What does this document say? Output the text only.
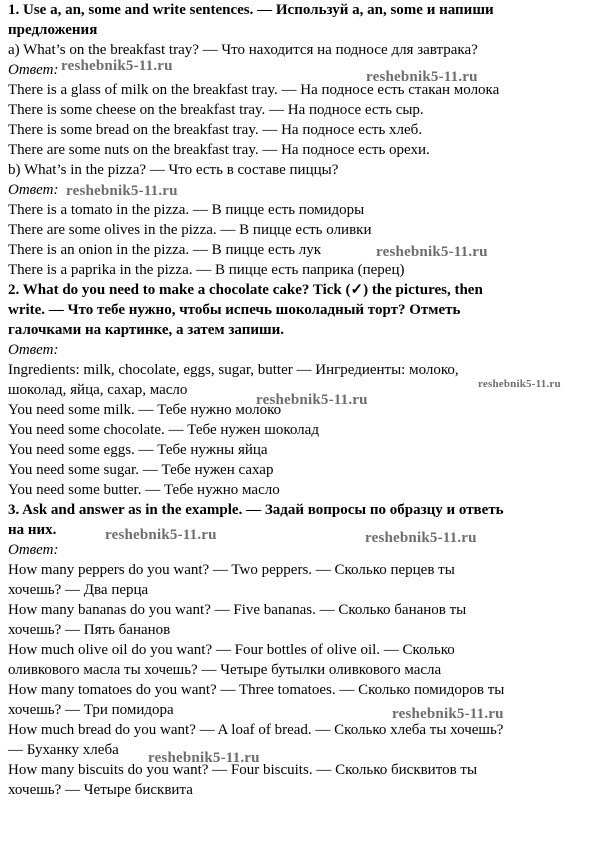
1. Use a, an, some and write sentences. — Используй a, an, some и напиши
предложения
a) What’s on the breakfast tray? — Что находится на подносе для завтрака?
Ответ:
There is a glass of milk on the breakfast tray. — На подносе есть стакан молока
There is some cheese on the breakfast tray. — На подносе есть сыр.
There is some bread on the breakfast tray. — На подносе есть хлеб.
There are some nuts on the breakfast tray. — На подносе есть орехи.
b) What’s in the pizza? — Что есть в составе пиццы?
Ответ:
There is a tomato in the pizza. — В пицце есть помидоры
There are some olives in the pizza. — В пицце есть оливки
There is an onion in the pizza. — В пицце есть лук
There is a paprika in the pizza. — В пицце есть паприка (перец)
2. What do you need to make a chocolate cake? Tick (✓) the pictures, then
write. — Что тебе нужно, чтобы испечь шоколадный торт? Отметь
галочками на картинке, а затем запиши.
Ответ:
Ingredients: milk, chocolate, eggs, sugar, butter — Ингредиенты: молоко,
шоколад, яйца, сахар, масло
You need some milk. — Тебе нужно молоко
You need some chocolate. — Тебе нужен шоколад
You need some eggs. — Тебе нужны яйца
You need some sugar. — Тебе нужен сахар
You need some butter. — Тебе нужно масло
3. Ask and answer as in the example. — Задай вопросы по образцу и ответь
на них.
Ответ:
How many peppers do you want? — Two peppers. — Сколько перцев ты
хочешь? — Два перца
How many bananas do you want? — Five bananas. — Сколько бананов ты
хочешь? — Пять бананов
How much olive oil do you want? — Four bottles of olive oil. — Сколько
оливкового масла ты хочешь? — Четыре бутылки оливкового масла
How many tomatoes do you want? — Three tomatoes. — Сколько помидоров ты
хочешь? — Три помидора
How much bread do you want? — A loaf of bread. — Сколько хлеба ты хочешь?
— Буханку хлеба
How many biscuits do you want? — Four biscuits. — Сколько бисквитов ты
хочешь? — Четыре бисквита
reshebnik5-11.ru
reshebnik5-11.ru
reshebnik5-11.ru
reshebnik5-11.ru
reshebnik5-11.ru
reshebnik5-11.ru
reshebnik5-11.ru	reshebnik5-11.ru
reshebnik5-11.ru
reshebnik5-11.ru
